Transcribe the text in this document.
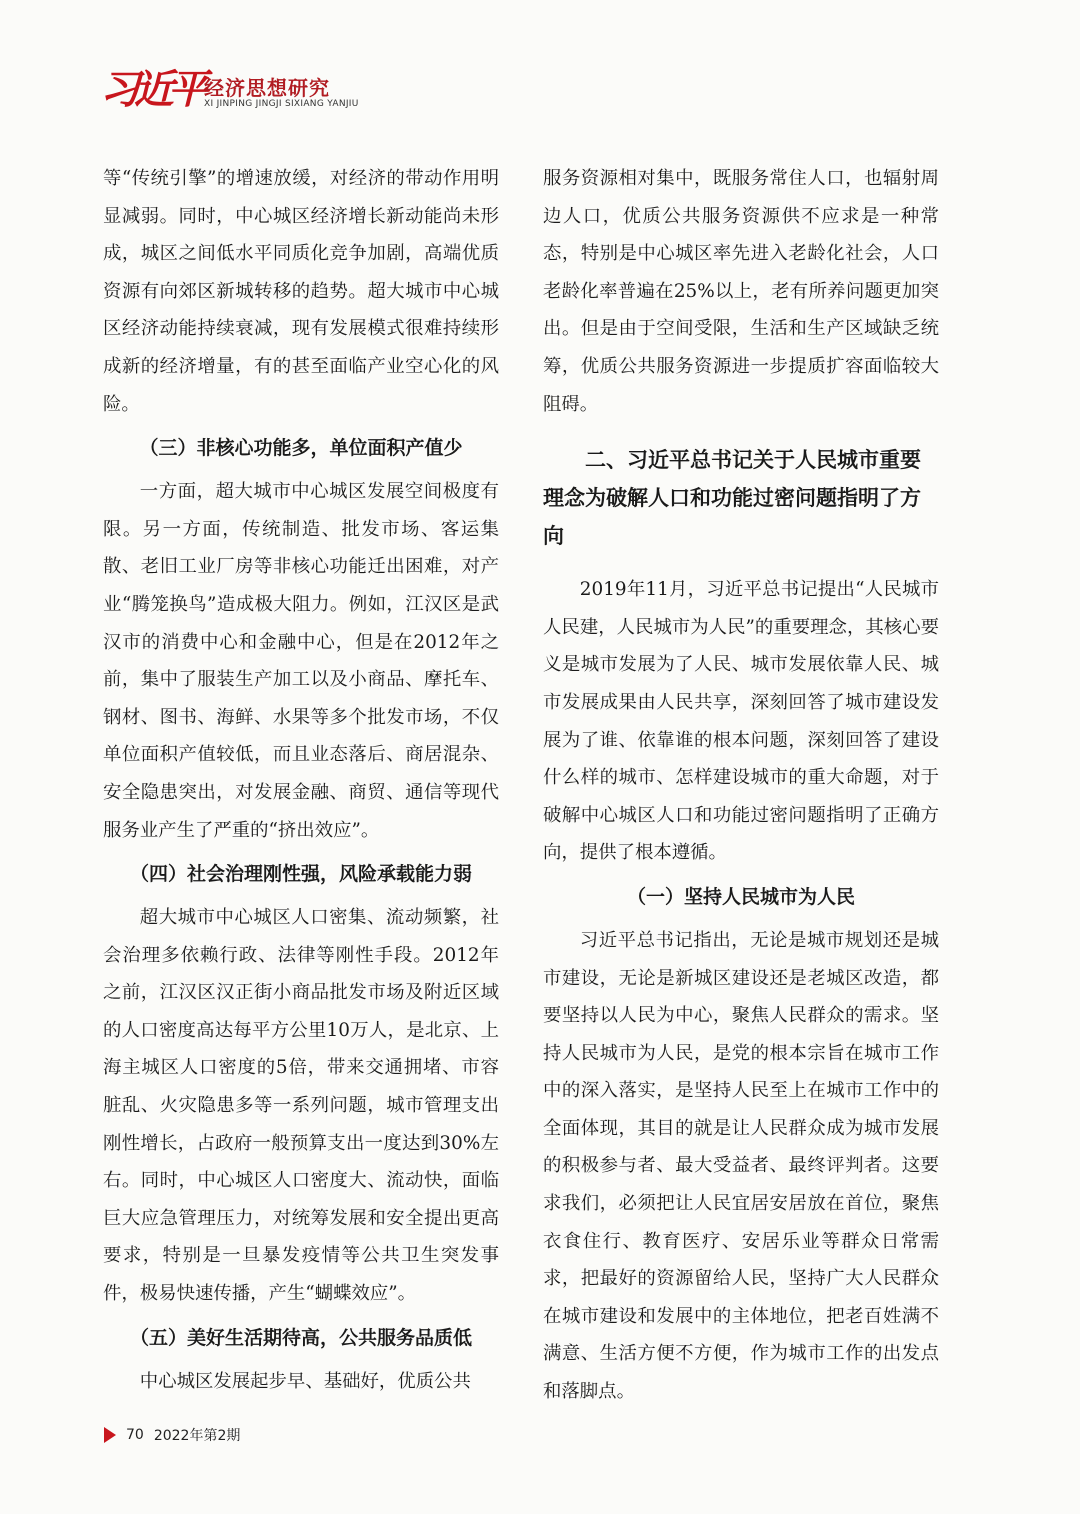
习近平 经济思想研究
XI JINPING JINGJI SIXIANG YANJIU

等“传统引擎”的增速放缓，对经济的带动作用明显减弱。同时，中心城区经济增长新动能尚未形成，城区之间低水平同质化竞争加剧，高端优质资源有向郊区新城转移的趋势。超大城市中心城区经济动能持续衰减，现有发展模式很难持续形成新的经济增量，有的甚至面临产业空心化的风险。

（三）非核心功能多，单位面积产值少

一方面，超大城市中心城区发展空间极度有限。另一方面，传统制造、批发市场、客运集散、老旧工业厂房等非核心功能迁出困难，对产业“腾笼换鸟”造成极大阻力。例如，江汉区是武汉市的消费中心和金融中心，但是在2012年之前，集中了服装生产加工以及小商品、摩托车、钢材、图书、海鲜、水果等多个批发市场，不仅单位面积产值较低，而且业态落后、商居混杂、安全隐患突出，对发展金融、商贸、通信等现代服务业产生了严重的“挤出效应”。

（四）社会治理刚性强，风险承载能力弱

超大城市中心城区人口密集、流动频繁，社会治理多依赖行政、法律等刚性手段。2012年之前，江汉区汉正街小商品批发市场及附近区域的人口密度高达每平方公里10万人，是北京、上海主城区人口密度的5倍，带来交通拥堵、市容脏乱、火灾隐患多等一系列问题，城市管理支出刚性增长，占政府一般预算支出一度达到30%左右。同时，中心城区人口密度大、流动快，面临巨大应急管理压力，对统筹发展和安全提出更高要求，特别是一旦暴发疫情等公共卫生突发事件，极易快速传播，产生“蝴蝶效应”。

（五）美好生活期待高，公共服务品质低

中心城区发展起步早、基础好，优质公共

服务资源相对集中，既服务常住人口，也辐射周边人口，优质公共服务资源供不应求是一种常态，特别是中心城区率先进入老龄化社会，人口老龄化率普遍在25%以上，老有所养问题更加突出。但是由于空间受限，生活和生产区域缺乏统筹，优质公共服务资源进一步提质扩容面临较大阻碍。

二、习近平总书记关于人民城市重要理念为破解人口和功能过密问题指明了方向

2019年11月，习近平总书记提出“人民城市人民建，人民城市为人民”的重要理念，其核心要义是城市发展为了人民、城市发展依靠人民、城市发展成果由人民共享，深刻回答了城市建设发展为了谁、依靠谁的根本问题，深刻回答了建设什么样的城市、怎样建设城市的重大命题，对于破解中心城区人口和功能过密问题指明了正确方向，提供了根本遵循。

（一）坚持人民城市为人民

习近平总书记指出，无论是城市规划还是城市建设，无论是新城区建设还是老城区改造，都要坚持以人民为中心，聚焦人民群众的需求。坚持人民城市为人民，是党的根本宗旨在城市工作中的深入落实，是坚持人民至上在城市工作中的全面体现，其目的就是让人民群众成为城市发展的积极参与者、最大受益者、最终评判者。这要求我们，必须把让人民宜居安居放在首位，聚焦衣食住行、教育医疗、安居乐业等群众日常需求，把最好的资源留给人民，坚持广大人民群众在城市建设和发展中的主体地位，把老百姓满不满意、生活方便不方便，作为城市工作的出发点和落脚点。

70 2022年第2期
